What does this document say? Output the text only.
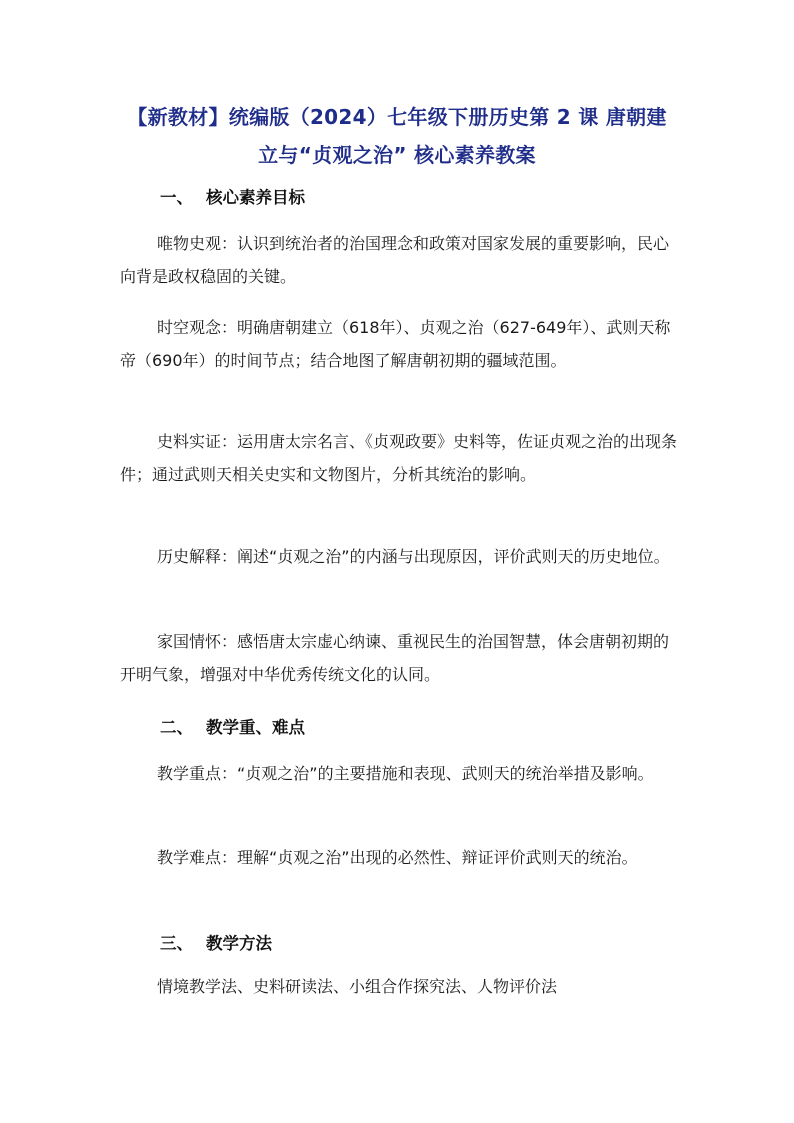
【新教材】统编版（2024）七年级下册历史第 2 课 唐朝建
立与“贞观之治” 核心素养教案
一、 核心素养目标
唯物史观：认识到统治者的治国理念和政策对国家发展的重要影响，民心向背是政权稳固的关键。
时空观念：明确唐朝建立（618年）、贞观之治（627-649年）、武则天称帝（690年）的时间节点；结合地图了解唐朝初期的疆域范围。
史料实证：运用唐太宗名言、《贞观政要》史料等，佐证贞观之治的出现条件；通过武则天相关史实和文物图片，分析其统治的影响。
历史解释：阐述“贞观之治”的内涵与出现原因，评价武则天的历史地位。
家国情怀：感悟唐太宗虚心纳谏、重视民生的治国智慧，体会唐朝初期的开明气象，增强对中华优秀传统文化的认同。
二、 教学重、难点
教学重点：“贞观之治”的主要措施和表现、武则天的统治举措及影响。
教学难点：理解“贞观之治”出现的必然性、辩证评价武则天的统治。
三、 教学方法
情境教学法、史料研读法、小组合作探究法、人物评价法
